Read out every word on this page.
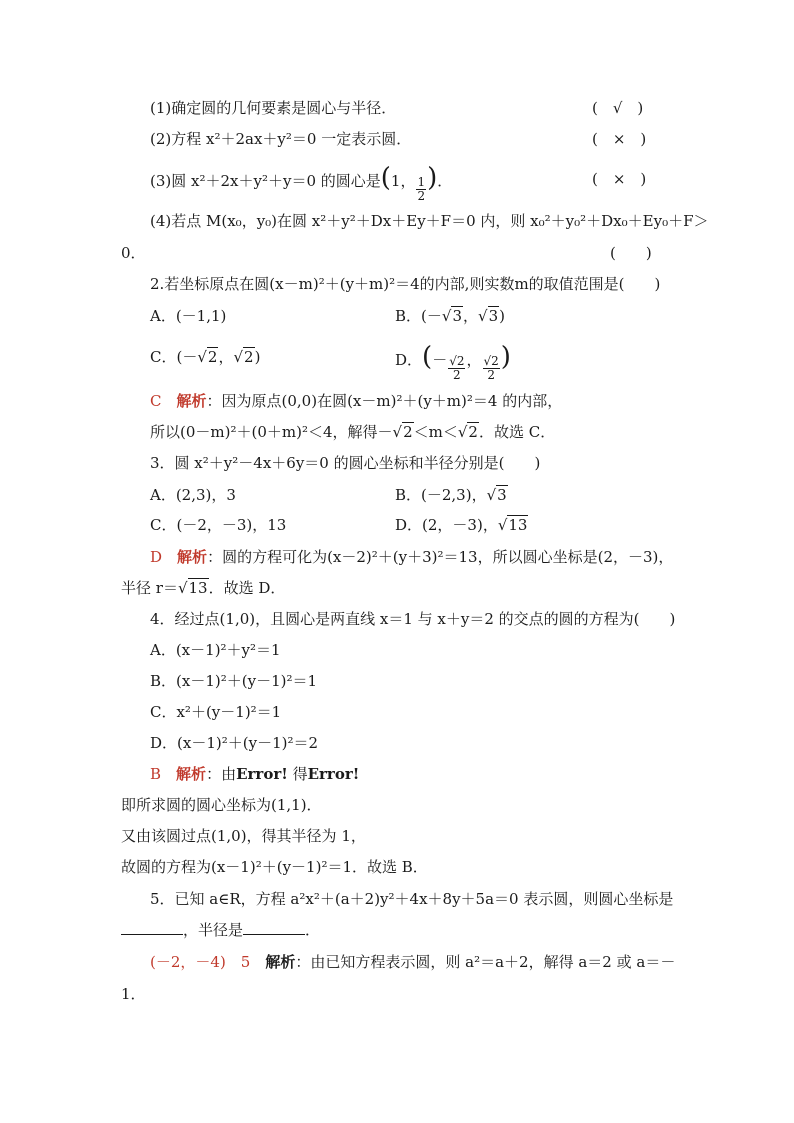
(1)确定圆的几何要素是圆心与半径．	(　√　)
(2)方程 x²＋2ax＋y²＝0 一定表示圆．	(　×　)
(3)圆 x²＋2x＋y²＋y＝0 的圆心是(1， $\frac{1}{2}$ )．	(　×　)
(4)若点 M(x₀，y₀)在圆 x²＋y²＋Dx＋Ey＋F＝0 内，则 x₀²＋y₀²＋Dx₀＋Ey₀＋F＞
0．	(　　)
2.若坐标原点在圆(x－m)²＋(y＋m)²＝4的内部,则实数m的取值范围是(　　)
A．(－1,1)	B．(－√3，√3)
C．(－√2，√2)	D．(－ $\frac{√2}{2}$ ， $\frac{√2}{2}$ )
C　 解析：因为原点(0,0)在圆(x－m)²＋(y＋m)²＝4 的内部，
所以(0－m)²＋(0＋m)²＜4，解得－√2＜m＜√2．故选 C．
3．圆 x²＋y²－4x＋6y＝0 的圆心坐标和半径分别是(　　)
A．(2,3)，3	B．(－2,3)，√3
C．(－2，－3)，13	D．(2，－3)，√13
D　 解析：圆的方程可化为(x－2)²＋(y＋3)²＝13，所以圆心坐标是(2，－3)，
半径 r＝√13．故选 D．
4．经过点(1,0)，且圆心是两直线 x＝1 与 x＋y＝2 的交点的圆的方程为(　　)
A．(x－1)²＋y²＝1
B．(x－1)²＋(y－1)²＝1
C．x²＋(y－1)²＝1
D．(x－1)²＋(y－1)²＝2
B　 解析：由Error! 得Error!
即所求圆的圆心坐标为(1,1)．
又由该圆过点(1,0)，得其半径为 1，
故圆的方程为(x－1)²＋(y－1)²＝1．故选 B．
5．已知 a∈R，方程 a²x²＋(a＋2)y²＋4x＋8y＋5a＝0 表示圆，则圆心坐标是
，半径是	．
(－2，－4)　5　 解析：由已知方程表示圆，则 a²＝a＋2，解得 a＝2 或 a＝－
1．
